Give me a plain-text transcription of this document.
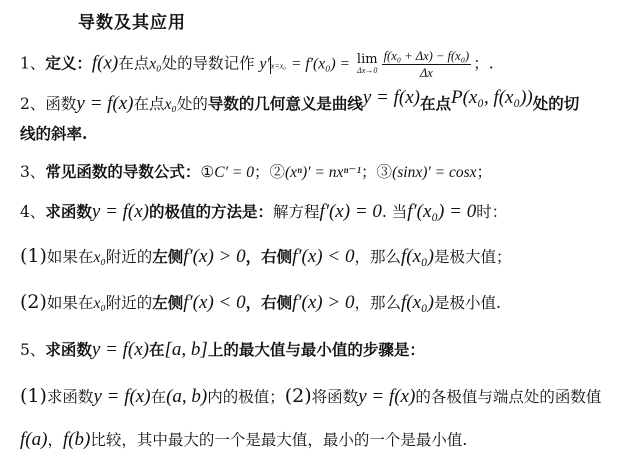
导数及其应用
1、定义：f(x)在点x₀处的导数记作 y′x=x₀ = f′(x₀) = lim
$\Delta x\to 0 \frac{\text{f(x₀ + Δx) − f(x₀)}}{\Delta x}$ ；.
2、函数y = f(x)在点x₀处的导数的几何意义是曲线y = f(x)在点P(x₀, f(x₀))处的切
线的斜率.
3、常见函数的导数公式：①C′ = 0；②(xⁿ)′ = nxⁿ⁻¹；③(sinx)′ = cosx；
4、求函数y = f(x)的极值的方法是：解方程f′(x) = 0. 当f′(x₀) = 0时：
(1)如果在x₀附近的左侧f′(x) > 0，右侧f′(x) < 0，那么f(x₀)是极大值；
(2)如果在x₀附近的左侧f′(x) < 0，右侧f′(x) > 0，那么f(x₀)是极小值.
5、求函数y = f(x)在[a, b]上的最大值与最小值的步骤是：
(1)求函数y = f(x)在(a, b)内的极值；(2)将函数y = f(x)的各极值与端点处的函数值
f(a)，f(b)比较，其中最大的一个是最大值，最小的一个是最小值.
